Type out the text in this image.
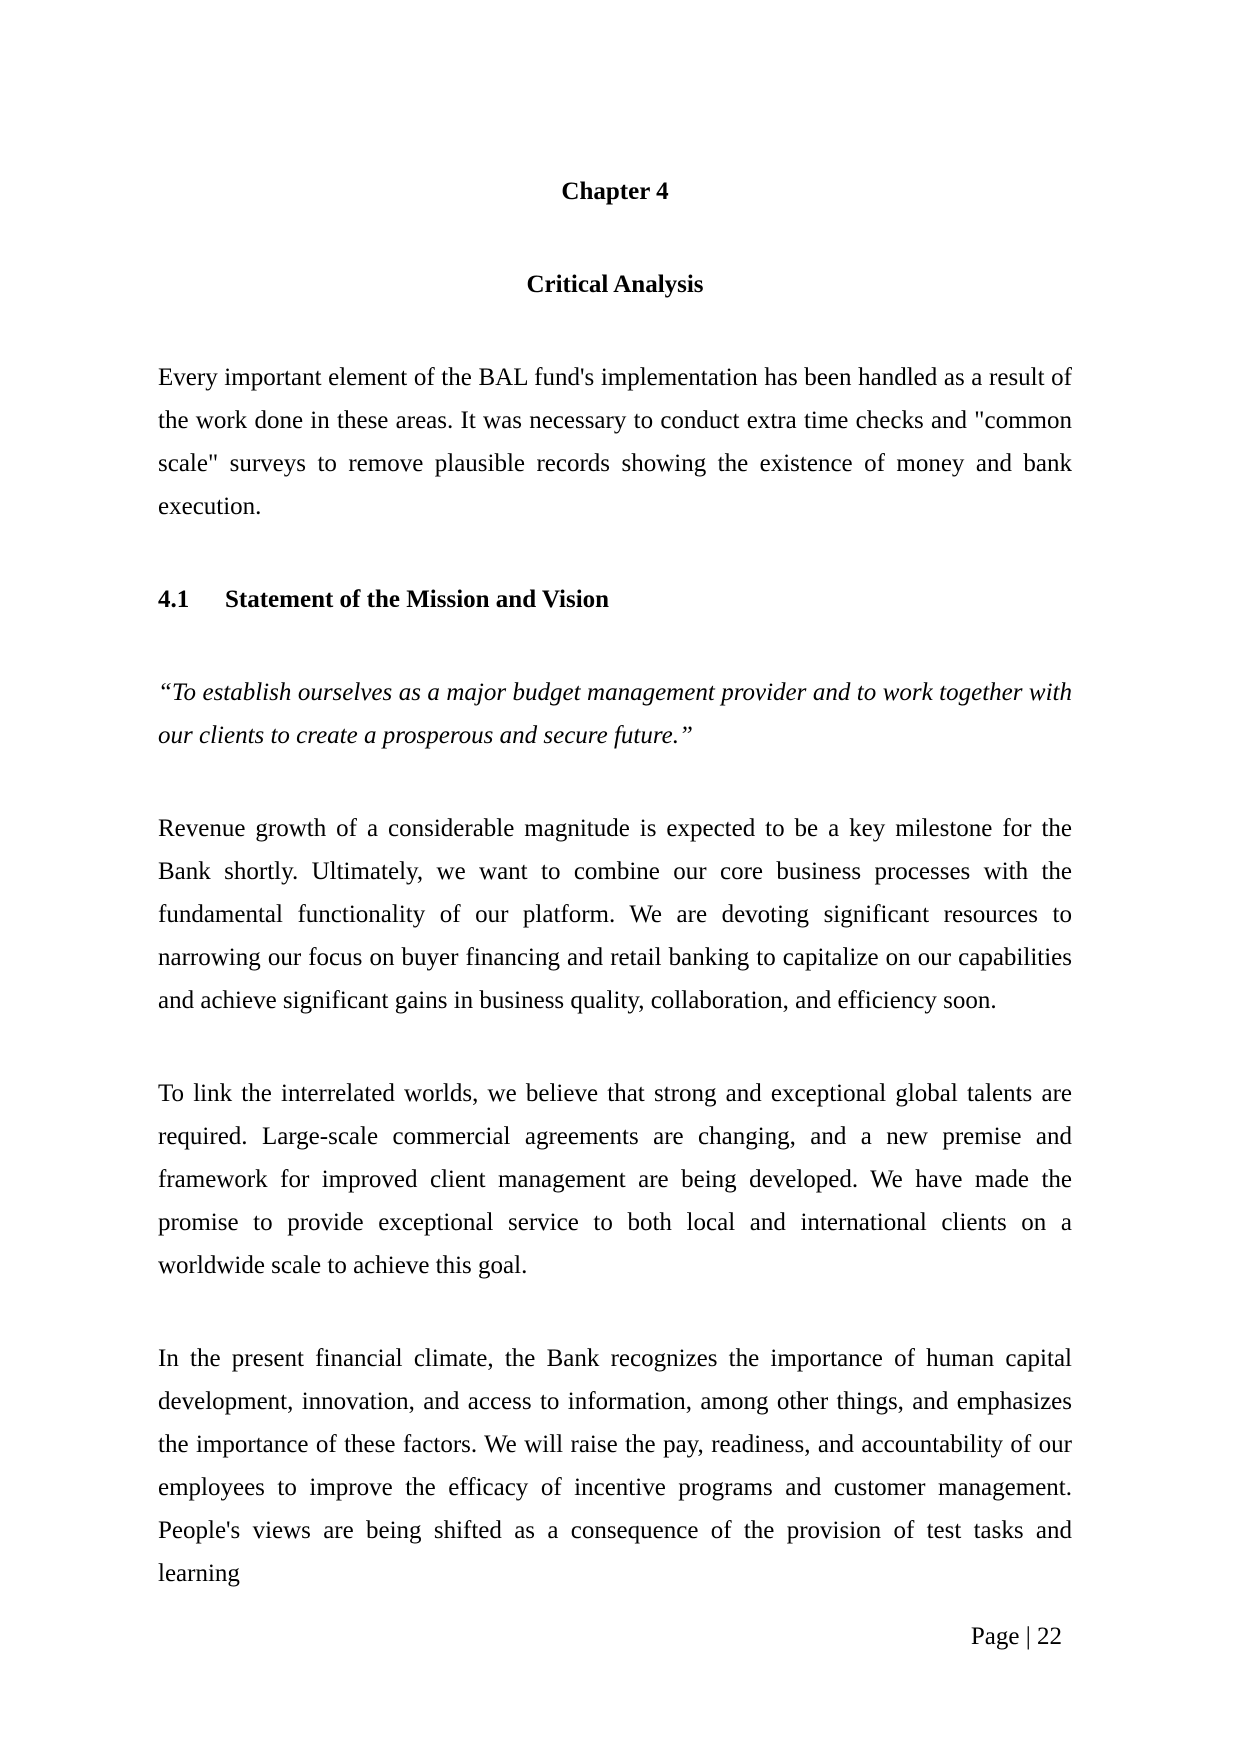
Chapter 4
Critical Analysis

Every important element of the BAL fund's implementation has been handled as a result of the work done in these areas. It was necessary to conduct extra time checks and "common scale" surveys to remove plausible records showing the existence of money and bank execution.

4.1 Statement of the Mission and Vision

“To establish ourselves as a major budget management provider and to work together with our clients to create a prosperous and secure future.”

Revenue growth of a considerable magnitude is expected to be a key milestone for the Bank shortly. Ultimately, we want to combine our core business processes with the fundamental functionality of our platform. We are devoting significant resources to narrowing our focus on buyer financing and retail banking to capitalize on our capabilities and achieve significant gains in business quality, collaboration, and efficiency soon.

To link the interrelated worlds, we believe that strong and exceptional global talents are required. Large-scale commercial agreements are changing, and a new premise and framework for improved client management are being developed. We have made the promise to provide exceptional service to both local and international clients on a worldwide scale to achieve this goal.

In the present financial climate, the Bank recognizes the importance of human capital development, innovation, and access to information, among other things, and emphasizes the importance of these factors. We will raise the pay, readiness, and accountability of our employees to improve the efficacy of incentive programs and customer management. People's views are being shifted as a consequence of the provision of test tasks and learning

Page | 22
